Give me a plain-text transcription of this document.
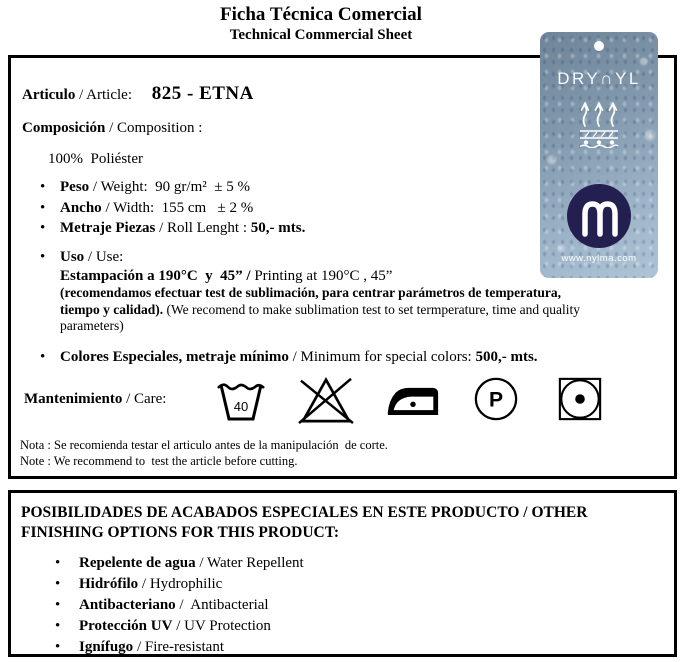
Ficha Técnica Comercial
Technical Commercial Sheet
Articulo / Article: 825 - ETNA
Composición / Composition :
100%  Poliéster
• Peso / Weight:  90 gr/m²  ± 5 %
• Ancho / Width:  155 cm   ± 2 %
• Metraje Piezas / Roll Lenght : 50,- mts.
• Uso / Use:
Estampación a 190°C  y  45” / Printing at 190°C , 45”
(recomendamos efectuar test de sublimación, para centrar parámetros de temperatura,
tiempo y calidad). (We recomend to make sublimation test to set termperature, time and quality
parameters)
• Colores Especiales, metraje mínimo / Minimum for special colors: 500,- mts.
Mantenimiento / Care:	40	P
Nota : Se recomienda testar el articulo antes de la manipulación  de corte.
Note : We recommend to  test the article before cutting.
DRY∩YL
www.nylma.com
POSIBILIDADES DE ACABADOS ESPECIALES EN ESTE PRODUCTO / OTHER FINISHING OPTIONS FOR THIS PRODUCT:
•	Repelente de agua / Water Repellent
•	Hidrófilo / Hydrophilic
•	Antibacteriano /  Antibacterial
•	Protección UV / UV Protection
•	Ignífugo / Fire-resistant
